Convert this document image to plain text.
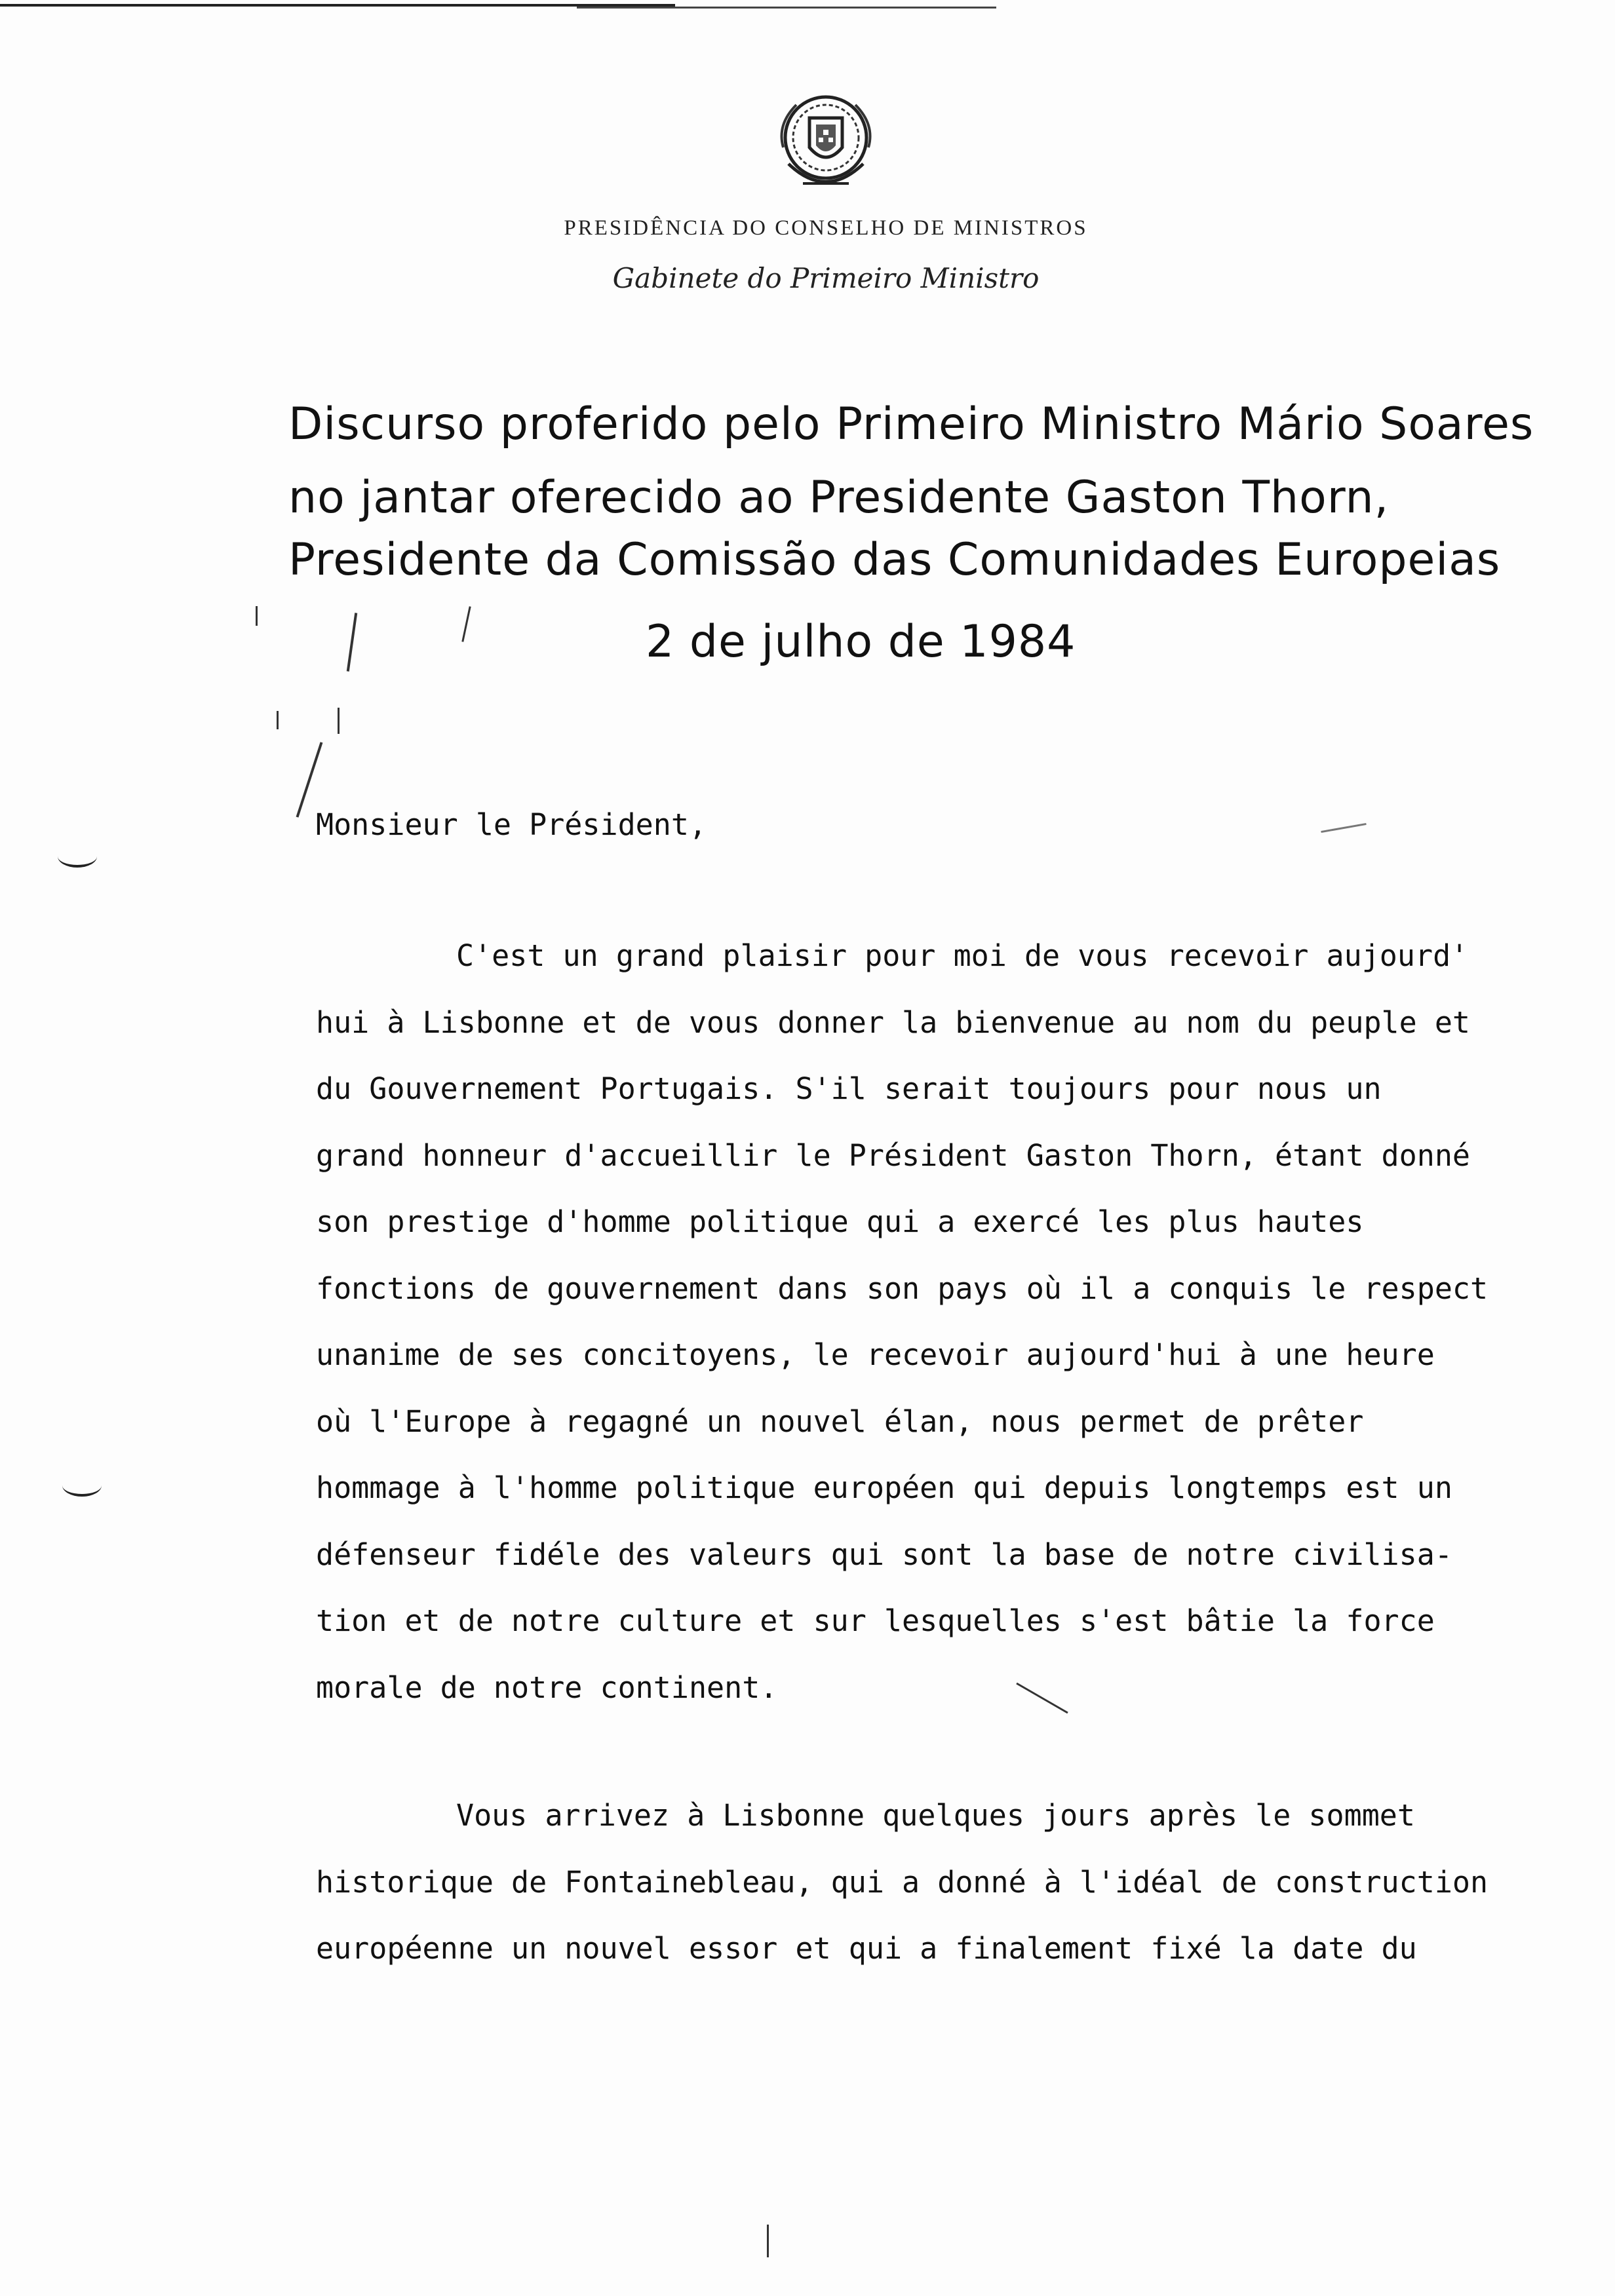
PRESIDÊNCIA DO CONSELHO DE MINISTROS
Gabinete do Primeiro Ministro
Discurso proferido pelo Primeiro Ministro Mário Soares
no jantar oferecido ao Presidente Gaston Thorn,
Presidente da Comissão das Comunidades Europeias
2 de julho de 1984
Monsieur le Président,
C'est un grand plaisir pour moi de vous recevoir aujourd'
hui à Lisbonne et de vous donner la bienvenue au nom du peuple et
du Gouvernement Portugais. S'il serait toujours pour nous un
grand honneur d'accueillir le Président Gaston Thorn, étant donné
son prestige d'homme politique qui a exercé les plus hautes
fonctions de gouvernement dans son pays où il a conquis le respect
unanime de ses concitoyens, le recevoir aujourd'hui à une heure
où l'Europe à regagné un nouvel élan, nous permet de prêter
hommage à l'homme politique européen qui depuis longtemps est un
défenseur fidéle des valeurs qui sont la base de notre civilisa-
tion et de notre culture et sur lesquelles s'est bâtie la force
morale de notre continent.
Vous arrivez à Lisbonne quelques jours après le sommet
historique de Fontainebleau, qui a donné à l'idéal de construction
européenne un nouvel essor et qui a finalement fixé la date du
